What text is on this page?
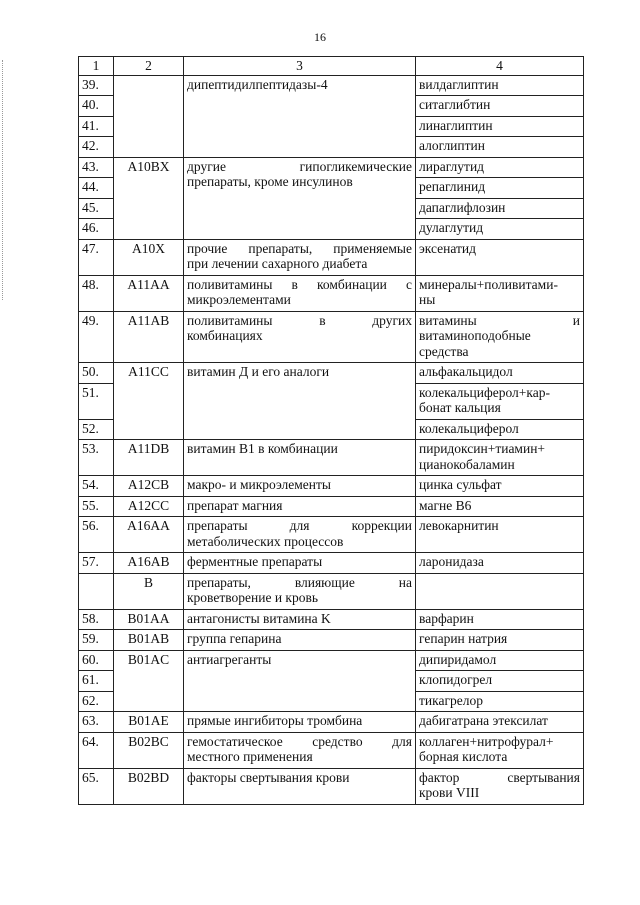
16
1	2	3	4
39.		дипептидилпептидазы-4	вилдаглиптин
40.			ситаглибтин
41.			линаглиптин
42.			алоглиптин
43.	A10BX	другие гипогликемические
препараты, кроме инсулинов	лираглутид
44.			репаглинид
45.			дапаглифлозин
46.			дулаглутид
47.	A10X	прочие препараты, применяемые
при лечении сахарного диабета	эксенатид
48.	A11AA	поливитамины в комбинации с
микроэлементами	минералы+поливитами-
ны

49.	A11AB	поливитамины в других
комбинациях	витамины и
витаминоподобные
средства

50.	A11CC	витамин Д и его аналоги	альфакальцидол
51.			колекальциферол+кар-
бонат кальция

52.			колекальциферол
53.	A11DB	витамин B1 в комбинации	пиридоксин+тиамин+
цианокобаламин

54.	A12CB	макро- и микроэлементы	цинка сульфат
55.	A12CC	препарат магния	магне B6
56.	A16AA	препараты для коррекции
метаболических процессов	левокарнитин
57.	A16AB	ферментные препараты	ларонидаза
	B	препараты, влияющие на
кроветворение и кровь	

58.	B01AA	антагонисты витамина K	варфарин
59.	B01AB	группа гепарина	гепарин натрия
60.	B01AC	антиагреганты	дипиридамол
61.			клопидогрел
62.			тикагрелор
63.	B01AE	прямые ингибиторы тромбина	дабигатрана этексилат
64.	B02BC	гемостатическое средство для
местного применения	коллаген+нитрофурал+
борная кислота

65.	B02BD	факторы свертывания крови	фактор свертывания
крови VIII
